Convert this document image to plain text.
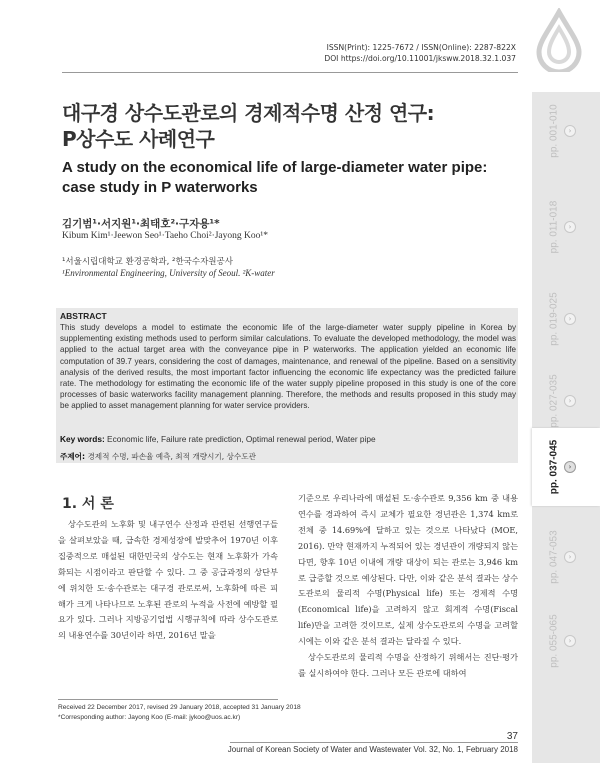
ISSN(Print): 1225-7672 / ISSN(Online): 2287-822X
DOI https://doi.org/10.11001/jksww.2018.32.1.037
대구경 상수도관로의 경제적수명 산정 연구:
P상수도 사례연구
A study on the economical life of large-diameter water pipe:
case study in P waterworks
김기범¹·서지원¹·최태호²·구자용¹*
Kibum Kim¹·Jeewon Seo¹·Taeho Choi²·Jayong Koo¹*
¹서울시립대학교 환경공학과, ²한국수자원공사
¹Environmental Engineering, University of Seoul. ²K-water
ABSTRACT
This study develops a model to estimate the economic life of the large-diameter water supply pipeline in Korea by supplementing existing methods used to perform similar calculations. To evaluate the developed methodology, the model was applied to the actual target area with the conveyance pipe in P waterworks. The application yielded an economic life computation of 39.7 years, considering the cost of damages, maintenance, and renewal of the pipeline. Based on a sensitivity analysis of the derived results, the most important factor influencing the economic life expectancy was the predicted failure rate. The methodology for estimating the economic life of the water supply pipeline proposed in this study is one of the core processes of basic waterworks facility management planning. Therefore, the methods and results proposed in this study may be applied to asset management planning for water service providers.
Key words: Economic life, Failure rate prediction, Optimal renewal period, Water pipe
주제어: 경제적 수명, 파손율 예측, 최적 개량시기, 상수도관
1. 서 론

상수도관의 노후화 및 내구연수 산정과 관련된 선행연구들을 살펴보았을 때, 급속한 경제성장에 발맞추어 1970년 이후 집중적으로 매설된 대한민국의 상수도는 현재 노후화가 가속화되는 시점이라고 판단할 수 있다. 그 중 공급과정의 상단부에 위치한 도·송수관로는 대구경 관로로써, 노후화에 따른 피해가 크게 나타나므로 노후된 관로의 누적을 사전에 예방할 필요가 있다. 그러나 지방공기업법 시행규칙에 따라 상수도관로의 내용연수를 30년이라 하면, 2016년 말을

기준으로 우리나라에 매설된 도·송수관로 9,356 km 중 내용연수를 경과하여 즉시 교체가 필요한 경년관은 1,374 km로 전체 중 14.69%에 달하고 있는 것으로 나타났다 (MOE, 2016). 만약 현재까지 누적되어 있는 경년관이 개량되지 않는다면, 향후 10년 이내에 개량 대상이 되는 관로는 3,946 km로 급증할 것으로 예상된다. 다만, 이와 같은 분석 결과는 상수도관로의 물리적 수명(Physical life) 또는 경제적 수명(Economical life)을 고려하지 않고 회계적 수명(Fiscal life)만을 고려한 것이므로, 실제 상수도관로의 수명을 고려할 시에는 이와 같은 분석 결과는 달라질 수 있다.

상수도관로의 물리적 수명을 산정하기 위해서는 진단·평가를 실시하여야 한다. 그러나 모든 관로에 대하여

Received 22 December 2017, revised 29 January 2018, accepted 31 January 2018
*Corresponding author: Jayong Koo (E-mail: jykoo@uos.ac.kr)
37
Journal of Korean Society of Water and Wastewater Vol. 32, No. 1, February 2018
pp. 001-010	›
pp. 011-018	›
pp. 019-025	›
pp. 027-035	›
pp. 037-045	›
pp. 047-053	›
pp. 055-065	›
